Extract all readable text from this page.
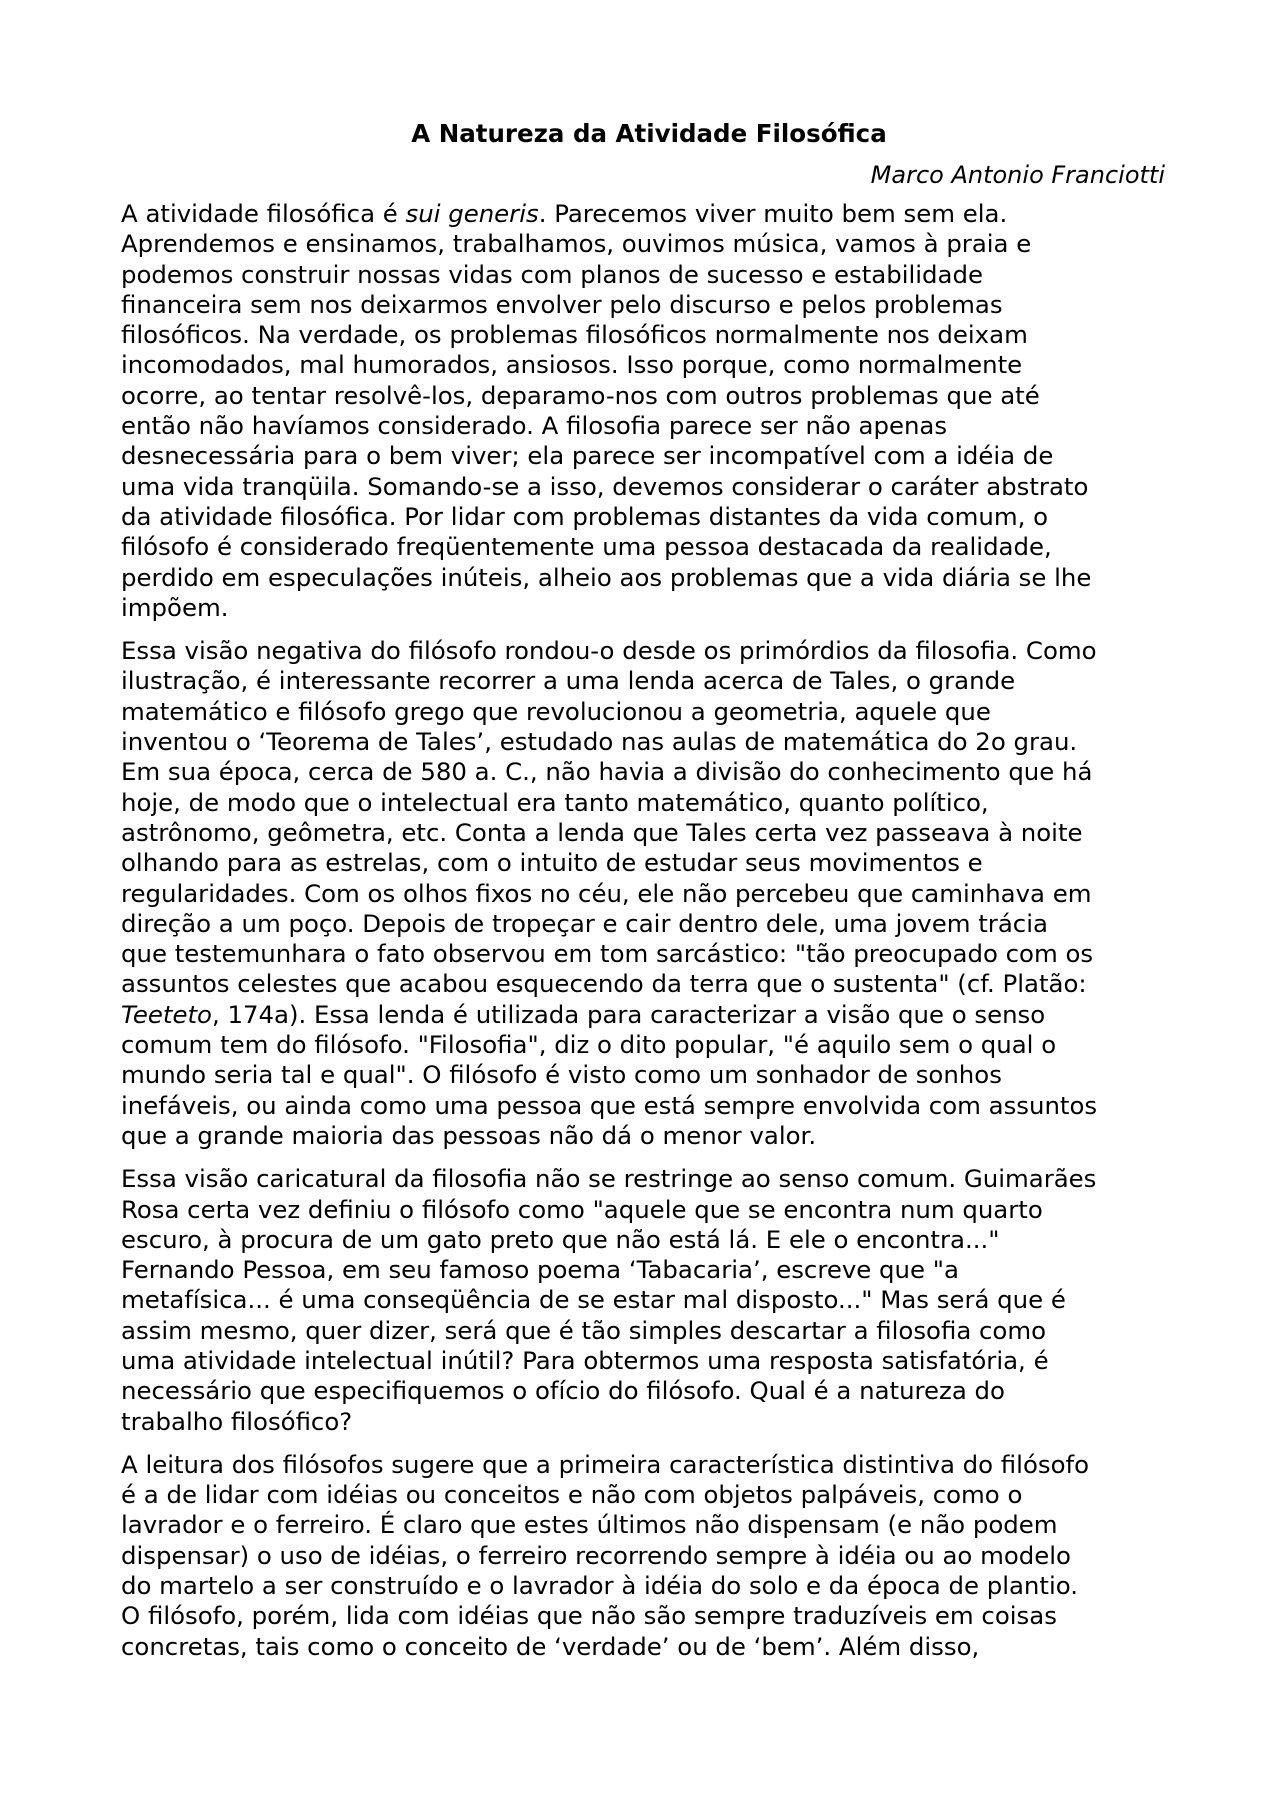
A Natureza da Atividade Filosófica
Marco Antonio Franciotti

A atividade filosófica é sui generis. Parecemos viver muito bem sem ela.
Aprendemos e ensinamos, trabalhamos, ouvimos música, vamos à praia e
podemos construir nossas vidas com planos de sucesso e estabilidade
financeira sem nos deixarmos envolver pelo discurso e pelos problemas
filosóficos. Na verdade, os problemas filosóficos normalmente nos deixam
incomodados, mal humorados, ansiosos. Isso porque, como normalmente
ocorre, ao tentar resolvê-los, deparamo-nos com outros problemas que até
então não havíamos considerado. A filosofia parece ser não apenas
desnecessária para o bem viver; ela parece ser incompatível com a idéia de
uma vida tranqüila. Somando-se a isso, devemos considerar o caráter abstrato
da atividade filosófica. Por lidar com problemas distantes da vida comum, o
filósofo é considerado freqüentemente uma pessoa destacada da realidade,
perdido em especulações inúteis, alheio aos problemas que a vida diária se lhe
impõem.

Essa visão negativa do filósofo rondou-o desde os primórdios da filosofia. Como
ilustração, é interessante recorrer a uma lenda acerca de Tales, o grande
matemático e filósofo grego que revolucionou a geometria, aquele que
inventou o ‘Teorema de Tales’, estudado nas aulas de matemática do 2o grau.
Em sua época, cerca de 580 a. C., não havia a divisão do conhecimento que há
hoje, de modo que o intelectual era tanto matemático, quanto político,
astrônomo, geômetra, etc. Conta a lenda que Tales certa vez passeava à noite
olhando para as estrelas, com o intuito de estudar seus movimentos e
regularidades. Com os olhos fixos no céu, ele não percebeu que caminhava em
direção a um poço. Depois de tropeçar e cair dentro dele, uma jovem trácia
que testemunhara o fato observou em tom sarcástico: "tão preocupado com os
assuntos celestes que acabou esquecendo da terra que o sustenta" (cf. Platão:
Teeteto, 174a). Essa lenda é utilizada para caracterizar a visão que o senso
comum tem do filósofo. "Filosofia", diz o dito popular, "é aquilo sem o qual o
mundo seria tal e qual". O filósofo é visto como um sonhador de sonhos
inefáveis, ou ainda como uma pessoa que está sempre envolvida com assuntos
que a grande maioria das pessoas não dá o menor valor.

Essa visão caricatural da filosofia não se restringe ao senso comum. Guimarães
Rosa certa vez definiu o filósofo como "aquele que se encontra num quarto
escuro, à procura de um gato preto que não está lá. E ele o encontra..."
Fernando Pessoa, em seu famoso poema ‘Tabacaria’, escreve que "a
metafísica... é uma conseqüência de se estar mal disposto..." Mas será que é
assim mesmo, quer dizer, será que é tão simples descartar a filosofia como
uma atividade intelectual inútil? Para obtermos uma resposta satisfatória, é
necessário que especifiquemos o ofício do filósofo. Qual é a natureza do
trabalho filosófico?

A leitura dos filósofos sugere que a primeira característica distintiva do filósofo
é a de lidar com idéias ou conceitos e não com objetos palpáveis, como o
lavrador e o ferreiro. É claro que estes últimos não dispensam (e não podem
dispensar) o uso de idéias, o ferreiro recorrendo sempre à idéia ou ao modelo
do martelo a ser construído e o lavrador à idéia do solo e da época de plantio.
O filósofo, porém, lida com idéias que não são sempre traduzíveis em coisas
concretas, tais como o conceito de ‘verdade’ ou de ‘bem’. Além disso,
